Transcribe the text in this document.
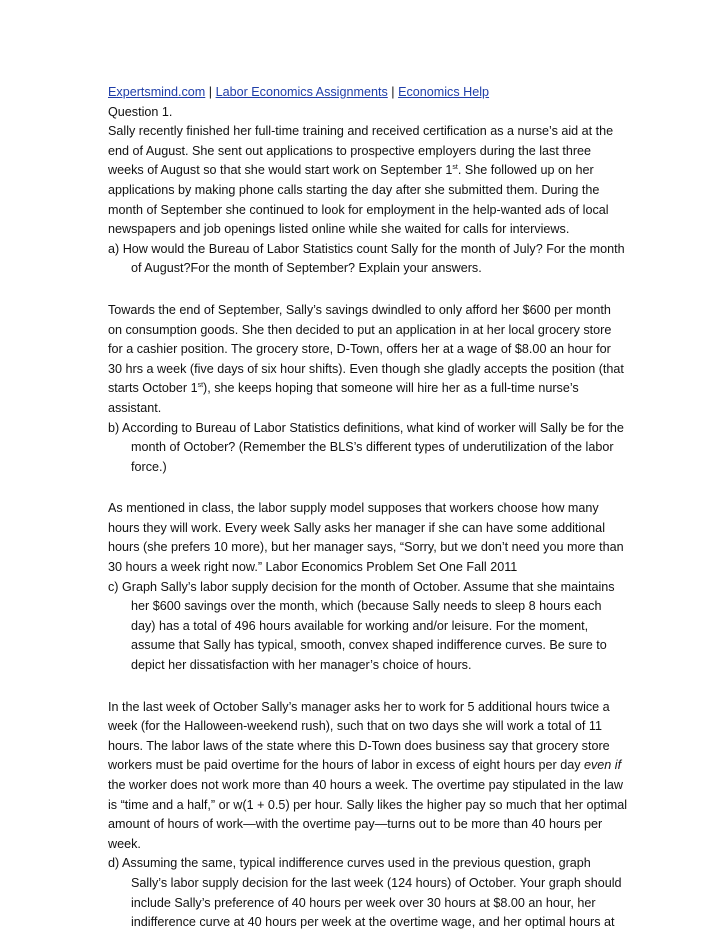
Expertsmind.com | Labor Economics Assignments | Economics Help

Question 1.

Sally recently finished her full-time training and received certification as a nurse’s aid at the end of August. She sent out applications to prospective employers during the last three weeks of August so that she would start work on September 1st. She followed up on her applications by making phone calls starting the day after she submitted them. During the month of September she continued to look for employment in the help-wanted ads of local newspapers and job openings listed online while she waited for calls for interviews.

a) How would the Bureau of Labor Statistics count Sally for the month of July? For the month of August?For the month of September? Explain your answers.

Towards the end of September, Sally’s savings dwindled to only afford her $600 per month on consumption goods. She then decided to put an application in at her local grocery store for a cashier position. The grocery store, D-Town, offers her at a wage of $8.00 an hour for 30 hrs a week (five days of six hour shifts). Even though she gladly accepts the position (that starts October 1st), she keeps hoping that someone will hire her as a full-time nurse’s assistant.

b) According to Bureau of Labor Statistics definitions, what kind of worker will Sally be for the month of October? (Remember the BLS’s different types of underutilization of the labor force.)

As mentioned in class, the labor supply model supposes that workers choose how many hours they will work. Every week Sally asks her manager if she can have some additional hours (she prefers 10 more), but her manager says, “Sorry, but we don’t need you more than 30 hours a week right now.” Labor Economics Problem Set One Fall 2011

c) Graph Sally’s labor supply decision for the month of October. Assume that she maintains her $600 savings over the month, which (because Sally needs to sleep 8 hours each day) has a total of 496 hours available for working and/or leisure. For the moment, assume that Sally has typical, smooth, convex shaped indifference curves. Be sure to depict her dissatisfaction with her manager’s choice of hours.

In the last week of October Sally’s manager asks her to work for 5 additional hours twice a week (for the Halloween-weekend rush), such that on two days she will work a total of 11 hours. The labor laws of the state where this D-Town does business say that grocery store workers must be paid overtime for the hours of labor in excess of eight hours per day even if the worker does not work more than 40 hours a week. The overtime pay stipulated in the law is “time and a half,” or w(1 + 0.5) per hour. Sally likes the higher pay so much that her optimal amount of hours of work—with the overtime pay—turns out to be more than 40 hours per week.

d) Assuming the same, typical indifference curves used in the previous question, graph Sally’s labor supply decision for the last week (124 hours) of October. Your graph should include Sally’s preference of 40 hours per week over 30 hours at $8.00 an hour, her indifference curve at 40 hours per week at the overtime wage, and her optimal hours at
